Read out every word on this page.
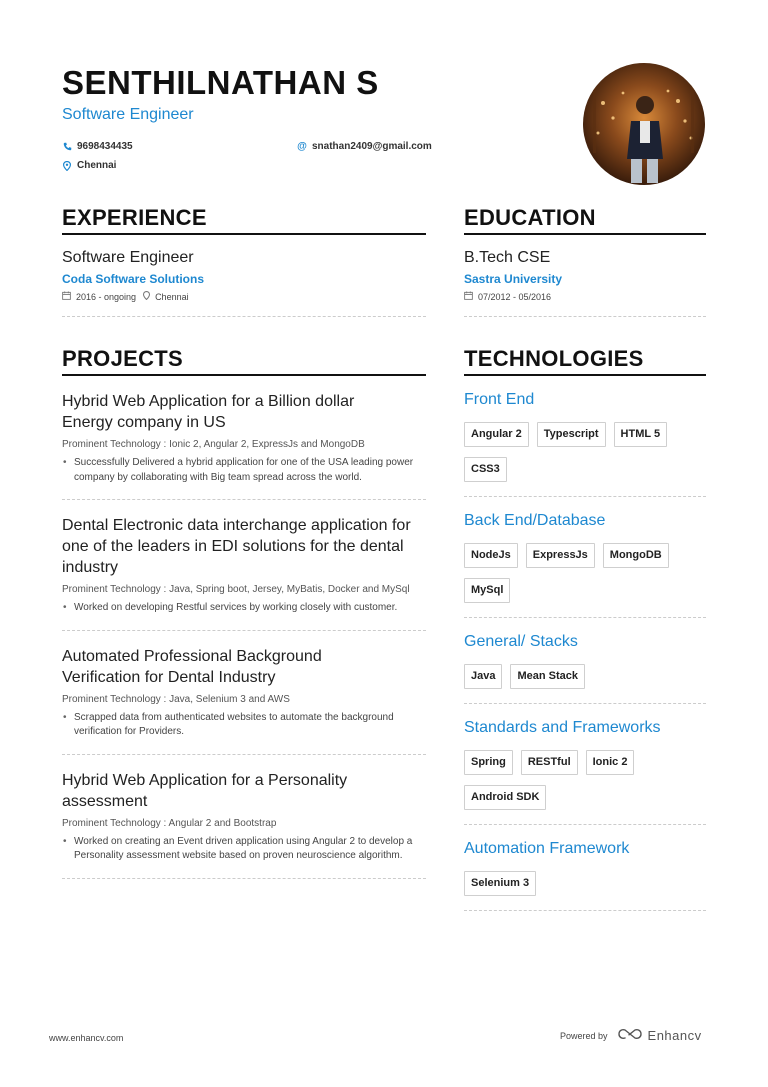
SENTHILNATHAN S
Software Engineer
9698434435	@ snathan2409@gmail.com
Chennai
EXPERIENCE
Software Engineer
Coda Software Solutions
2016 - ongoing Chennai
EDUCATION
B.Tech CSE
Sastra University
07/2012 - 05/2016
PROJECTS
Hybrid Web Application for a Billion dollar Energy company in US
Prominent Technology : Ionic 2, Angular 2, ExpressJs and MongoDB
• Successfully Delivered a hybrid application for one of the USA leading power company by collaborating with Big team spread across the world.
Dental Electronic data interchange application for one of the leaders in EDI solutions for the dental industry
Prominent Technology : Java, Spring boot, Jersey, MyBatis, Docker and MySql
• Worked on developing Restful services by working closely with customer.
Automated Professional Background Verification for Dental Industry
Prominent Technology : Java, Selenium 3 and AWS
• Scrapped data from authenticated websites to automate the background verification for Providers.
Hybrid Web Application for a Personality assessment
Prominent Technology : Angular 2 and Bootstrap
• Worked on creating an Event driven application using Angular 2 to develop a Personality assessment website based on proven neuroscience algorithm.
TECHNOLOGIES
Front End
Angular 2	Typescript	HTML 5
CSS3
Back End/Database
NodeJs	ExpressJs	MongoDB
MySql
General/ Stacks
Java	Mean Stack
Standards and Frameworks
Spring	RESTful	Ionic 2
Android SDK
Automation Framework
Selenium 3
www.enhancv.com	Powered by	Enhancv
